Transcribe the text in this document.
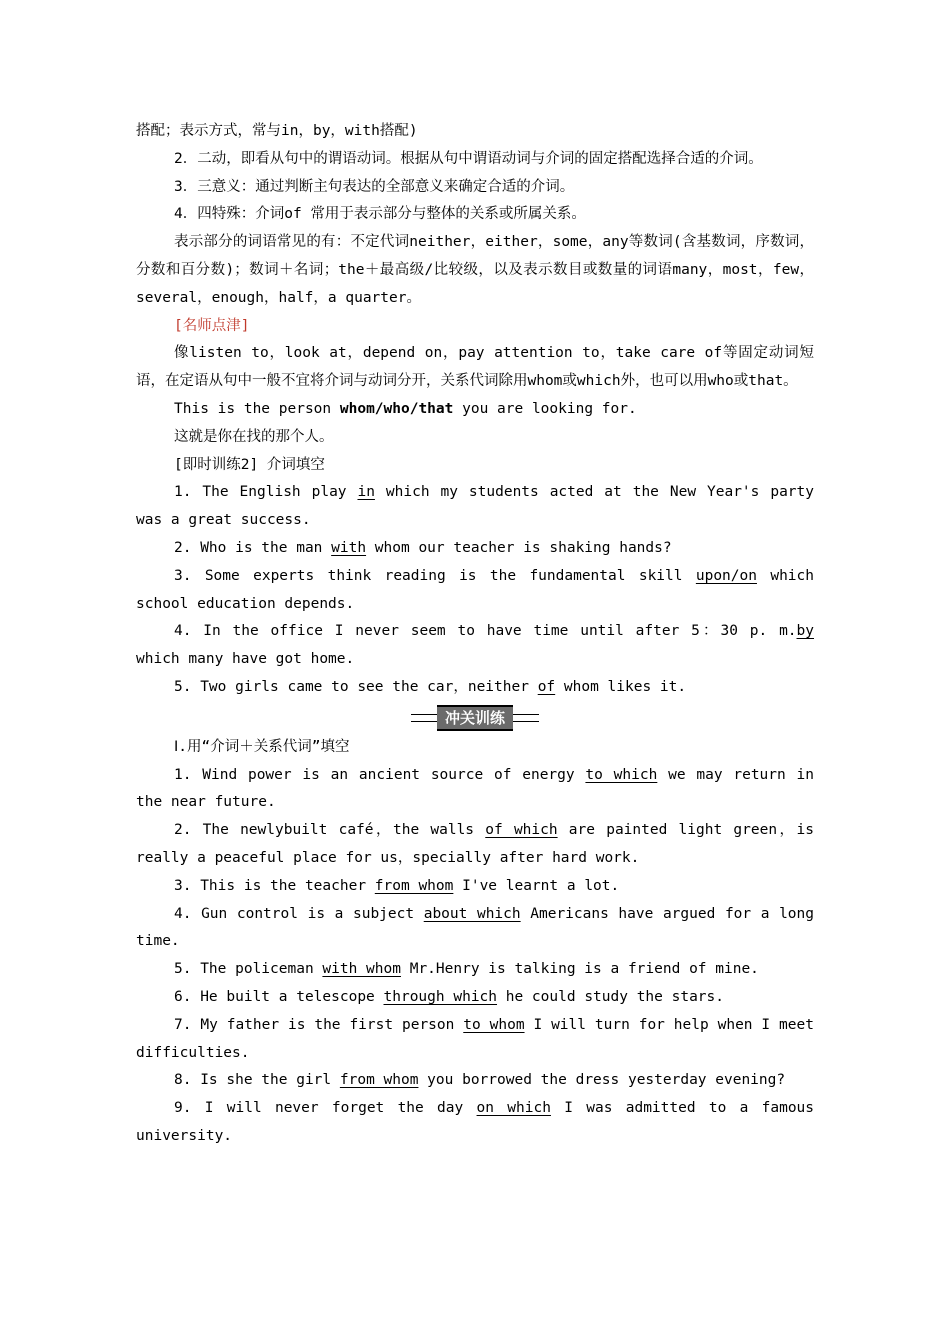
搭配；表示方式，常与in，by，with搭配)

2．二动，即看从句中的谓语动词。根据从句中谓语动词与介词的固定搭配选择合适的介词。

3．三意义：通过判断主句表达的全部意义来确定合适的介词。

4．四特殊：介词of 常用于表示部分与整体的关系或所属关系。

表示部分的词语常见的有：不定代词neither，either，some，any等数词(含基数词，序数词，分数和百分数)；数词＋名词；the＋最高级/比较级，以及表示数目或数量的词语many，most，few，several，enough，half，a quarter。

[名师点津]

像listen to，look at，depend on，pay attention to，take care of等固定动词短语，在定语从句中一般不宜将介词与动词分开，关系代词除用whom或which外，也可以用who或that。

This is the person whom/who/that you are looking for.

这就是你在找的那个人。

[即时训练2] 介词填空

1. The English play in which my students acted at the New Year's party was a great success.

2. Who is the man with whom our teacher is shaking hands?

3. Some experts think reading is the fundamental skill upon/on which school education depends.

4. In the office I never seem to have time until after 5：30 p. m.by which many have got home.

5. Two girls came to see the car，neither of whom likes it.

冲关训练

Ⅰ.用“介词＋关系代词”填空

1. Wind power is an ancient source of energy to which we may return in the near future.

2. The newlybuilt café，the walls of which are painted light green，is really a peaceful place for us，specially after hard work.

3. This is the teacher from whom I've learnt a lot.

4. Gun control is a subject about which Americans have argued for a long time.

5. The policeman with whom Mr.Henry is talking is a friend of mine.

6. He built a telescope through which he could study the stars.

7. My father is the first person to whom I will turn for help when I meet difficulties.

8. Is she the girl from whom you borrowed the dress yesterday evening?

9. I will never forget the day on which I was admitted to a famous university.
